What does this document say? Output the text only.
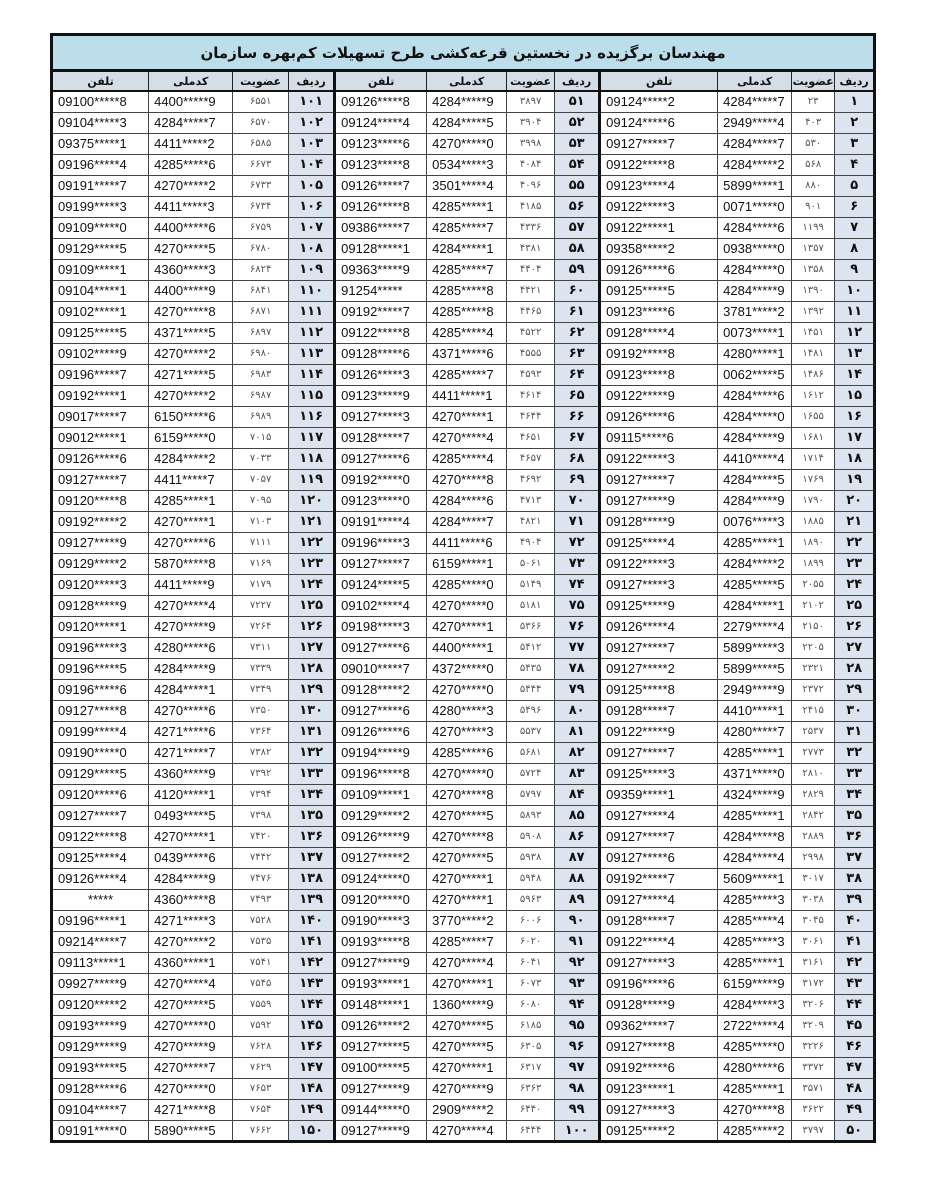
مهندسان برگزیده در نخستین قرعه‌کشی طرح تسهیلات کم‌بهره سازمان											
ردیف	عضویت	کدملی	تلفن	ردیف	عضویت	کدملی	تلفن	ردیف	عضویت	کدملی	تلفن
۱	۲۳	4284*****7	09124*****2	۵۱	۳۸۹۷	4284*****9	09126*****8	۱۰۱	۶۵۵۱	4400*****9	09100*****8
۲	۴۰۳	2949*****4	09124*****6	۵۲	۳۹۰۴	4284*****5	09124*****4	۱۰۲	۶۵۷۰	4284*****7	09104*****3
۳	۵۳۰	4284*****7	09127*****7	۵۳	۳۹۹۸	4270*****0	09123*****6	۱۰۳	۶۵۸۵	4411*****2	09375*****1
۴	۵۶۸	4284*****2	09122*****8	۵۴	۴۰۸۴	0534*****3	09123*****8	۱۰۴	۶۶۷۳	4285*****6	09196*****4
۵	۸۸۰	5899*****1	09123*****4	۵۵	۴۰۹۶	3501*****4	09126*****7	۱۰۵	۶۷۳۳	4270*****2	09191*****7
۶	۹۰۱	0071*****0	09122*****3	۵۶	۴۱۸۵	4285*****1	09126*****8	۱۰۶	۶۷۳۴	4411*****3	09199*****3
۷	۱۱۹۹	4284*****6	09122*****1	۵۷	۴۳۳۶	4285*****7	09386*****7	۱۰۷	۶۷۵۹	4400*****6	09109*****0
۸	۱۳۵۷	0938*****0	09358*****2	۵۸	۴۳۸۱	4284*****1	09128*****1	۱۰۸	۶۷۸۰	4270*****5	09129*****5
۹	۱۳۵۸	4284*****0	09126*****6	۵۹	۴۴۰۴	4285*****7	09363*****9	۱۰۹	۶۸۲۴	4360*****3	09109*****1
۱۰	۱۳۹۰	4284*****9	09125*****5	۶۰	۴۴۲۱	4285*****8	91254*****	۱۱۰	۶۸۴۱	4400*****9	09104*****1
۱۱	۱۳۹۲	3781*****2	09123*****6	۶۱	۴۴۶۵	4285*****8	09192*****7	۱۱۱	۶۸۷۱	4270*****8	09102*****1
۱۲	۱۴۵۱	0073*****1	09128*****4	۶۲	۴۵۲۲	4285*****4	09122*****8	۱۱۲	۶۸۹۷	4371*****5	09125*****5
۱۳	۱۴۸۱	4280*****1	09192*****8	۶۳	۴۵۵۵	4371*****6	09128*****6	۱۱۳	۶۹۸۰	4270*****2	09102*****9
۱۴	۱۴۸۶	0062*****5	09123*****8	۶۴	۴۵۹۳	4285*****7	09126*****3	۱۱۴	۶۹۸۳	4271*****5	09196*****7
۱۵	۱۶۱۲	4284*****6	09122*****9	۶۵	۴۶۱۴	4411*****1	09123*****9	۱۱۵	۶۹۸۷	4270*****2	09192*****1
۱۶	۱۶۵۵	4284*****0	09126*****6	۶۶	۴۶۴۴	4270*****1	09127*****3	۱۱۶	۶۹۸۹	6150*****6	09017*****7
۱۷	۱۶۸۱	4284*****9	09115*****6	۶۷	۴۶۵۱	4270*****4	09128*****7	۱۱۷	۷۰۱۵	6159*****0	09012*****1
۱۸	۱۷۱۴	4410*****4	09122*****3	۶۸	۴۶۵۷	4285*****4	09127*****6	۱۱۸	۷۰۳۳	4284*****2	09126*****6
۱۹	۱۷۶۹	4284*****5	09127*****7	۶۹	۴۶۹۲	4270*****8	09192*****0	۱۱۹	۷۰۵۷	4411*****7	09127*****7
۲۰	۱۷۹۰	4284*****9	09127*****9	۷۰	۴۷۱۳	4284*****6	09123*****0	۱۲۰	۷۰۹۵	4285*****1	09120*****8
۲۱	۱۸۸۵	0076*****3	09128*****9	۷۱	۴۸۲۱	4284*****7	09191*****4	۱۲۱	۷۱۰۳	4270*****1	09192*****2
۲۲	۱۸۹۰	4285*****1	09125*****4	۷۲	۴۹۰۴	4411*****6	09196*****3	۱۲۲	۷۱۱۱	4270*****6	09127*****9
۲۳	۱۸۹۹	4284*****2	09122*****3	۷۳	۵۰۶۱	6159*****1	09127*****7	۱۲۳	۷۱۶۹	5870*****8	09129*****2
۲۴	۲۰۵۵	4285*****5	09127*****3	۷۴	۵۱۴۹	4285*****0	09124*****5	۱۲۴	۷۱۷۹	4411*****9	09120*****3
۲۵	۲۱۰۲	4284*****1	09125*****9	۷۵	۵۱۸۱	4270*****0	09102*****4	۱۲۵	۷۲۲۷	4270*****4	09128*****9
۲۶	۲۱۵۰	2279*****4	09126*****4	۷۶	۵۳۶۶	4270*****1	09198*****3	۱۲۶	۷۲۶۴	4270*****9	09120*****1
۲۷	۲۲۰۵	5899*****3	09127*****7	۷۷	۵۴۱۲	4400*****1	09127*****6	۱۲۷	۷۳۱۱	4280*****6	09196*****3
۲۸	۲۳۲۱	5899*****5	09127*****2	۷۸	۵۴۳۵	4372*****0	09010*****7	۱۲۸	۷۳۳۹	4284*****9	09196*****5
۲۹	۲۳۷۲	2949*****9	09125*****8	۷۹	۵۴۴۴	4270*****0	09128*****2	۱۲۹	۷۳۴۹	4284*****1	09196*****6
۳۰	۲۴۱۵	4410*****1	09128*****7	۸۰	۵۴۹۶	4280*****3	09127*****6	۱۳۰	۷۳۵۰	4270*****6	09127*****8
۳۱	۲۵۳۷	4280*****7	09122*****9	۸۱	۵۵۳۷	4270*****3	09126*****6	۱۳۱	۷۳۶۴	4271*****6	09199*****4
۳۲	۲۷۷۳	4285*****1	09127*****7	۸۲	۵۶۸۱	4285*****6	09194*****9	۱۳۲	۷۳۸۲	4271*****7	09190*****0
۳۳	۲۸۱۰	4371*****0	09125*****3	۸۳	۵۷۲۴	4270*****0	09196*****8	۱۳۳	۷۳۹۲	4360*****9	09129*****5
۳۴	۲۸۲۹	4324*****9	09359*****1	۸۴	۵۷۹۷	4270*****8	09109*****1	۱۳۴	۷۳۹۴	4120*****1	09120*****6
۳۵	۲۸۴۲	4285*****1	09127*****4	۸۵	۵۸۹۳	4270*****5	09129*****2	۱۳۵	۷۳۹۸	0493*****5	09127*****7
۳۶	۲۸۸۹	4284*****8	09127*****7	۸۶	۵۹۰۸	4270*****8	09126*****9	۱۳۶	۷۴۲۰	4270*****1	09122*****8
۳۷	۲۹۹۸	4284*****4	09127*****6	۸۷	۵۹۳۸	4270*****5	09127*****2	۱۳۷	۷۴۴۲	0439*****6	09125*****4
۳۸	۳۰۱۷	5609*****1	09192*****7	۸۸	۵۹۴۸	4270*****1	09124*****0	۱۳۸	۷۴۷۶	4284*****9	09126*****4
۳۹	۳۰۳۸	4285*****3	09127*****4	۸۹	۵۹۶۳	4270*****1	09120*****0	۱۳۹	۷۴۹۳	4360*****8	*****
۴۰	۳۰۴۵	4285*****4	09128*****7	۹۰	۶۰۰۶	3770*****2	09190*****3	۱۴۰	۷۵۲۸	4271*****3	09196*****1
۴۱	۳۰۶۱	4285*****3	09122*****4	۹۱	۶۰۲۰	4285*****7	09193*****8	۱۴۱	۷۵۳۵	4270*****2	09214*****7
۴۲	۳۱۶۱	4285*****1	09127*****3	۹۲	۶۰۴۱	4270*****4	09127*****9	۱۴۲	۷۵۴۱	4360*****1	09113*****1
۴۳	۳۱۷۲	6159*****9	09196*****6	۹۳	۶۰۷۳	4270*****1	09193*****1	۱۴۳	۷۵۴۵	4270*****4	09927*****9
۴۴	۳۲۰۶	4284*****3	09128*****9	۹۴	۶۰۸۰	1360*****9	09148*****1	۱۴۴	۷۵۵۹	4270*****5	09120*****2
۴۵	۳۲۰۹	2722*****4	09362*****7	۹۵	۶۱۸۵	4270*****5	09126*****2	۱۴۵	۷۵۹۲	4270*****0	09193*****9
۴۶	۳۲۲۶	4285*****0	09127*****8	۹۶	۶۳۰۵	4270*****5	09127*****5	۱۴۶	۷۶۲۸	4270*****9	09129*****9
۴۷	۳۳۷۲	4280*****6	09192*****6	۹۷	۶۳۱۷	4270*****1	09100*****5	۱۴۷	۷۶۲۹	4270*****7	09193*****5
۴۸	۳۵۷۱	4285*****1	09123*****1	۹۸	۶۳۶۳	4270*****9	09127*****9	۱۴۸	۷۶۵۳	4270*****0	09128*****6
۴۹	۳۶۲۲	4270*****8	09127*****3	۹۹	۶۴۴۰	2909*****2	09144*****0	۱۴۹	۷۶۵۴	4271*****8	09104*****7
۵۰	۳۷۹۷	4285*****2	09125*****2	۱۰۰	۶۴۴۴	4270*****4	09127*****9	۱۵۰	۷۶۶۲	5890*****5	09191*****0
